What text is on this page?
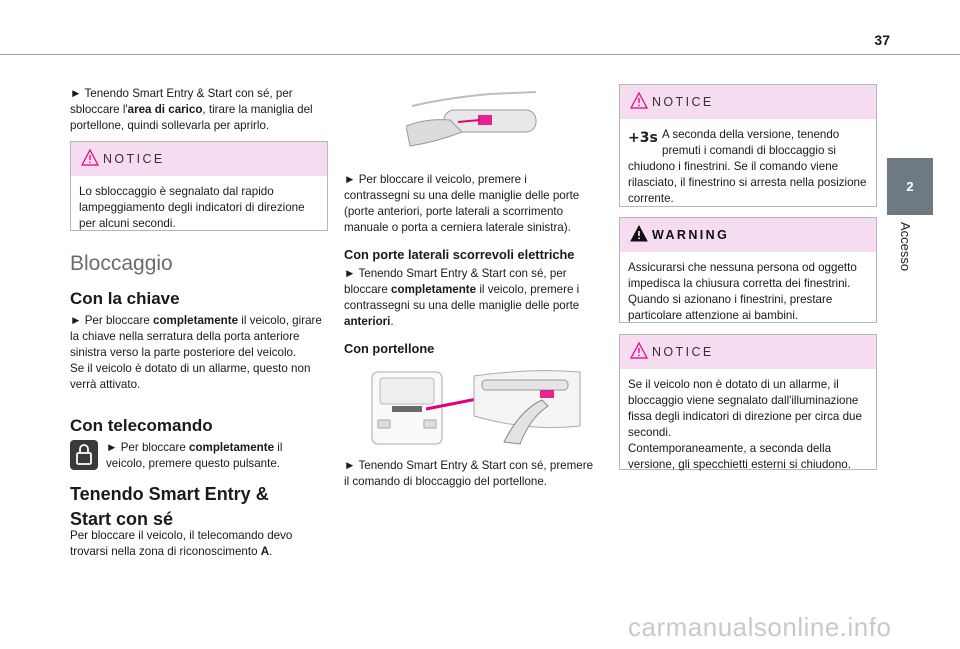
37
2
Accesso
► Tenendo Smart Entry & Start con sé, per sbloccare l'area di carico, tirare la maniglia del portellone, quindi sollevarla per aprirlo.
NOTICE
Lo sbloccaggio è segnalato dal rapido lampeggiamento degli indicatori di direzione per alcuni secondi.
Bloccaggio
Con la chiave
► Per bloccare completamente il veicolo, girare la chiave nella serratura della porta anteriore sinistra verso la parte posteriore del veicolo.
Se il veicolo è dotato di un allarme, questo non verrà attivato.
Con telecomando
► Per bloccare completamente il veicolo, premere questo pulsante.
Tenendo Smart Entry &
Start con sé
Per bloccare il veicolo, il telecomando devo trovarsi nella zona di riconoscimento A.
► Per bloccare il veicolo, premere i contrassegni su una delle maniglie delle porte (porte anteriori, porte laterali a scorrimento manuale o porta a cerniera laterale sinistra).
Con porte laterali scorrevoli elettriche
► Tenendo Smart Entry & Start con sé, per bloccare completamente il veicolo, premere i contrassegni su una delle maniglie delle porte anteriori.
Con portellone
► Tenendo Smart Entry & Start con sé, premere il comando di bloccaggio del portellone.
NOTICE
+3s A seconda della versione, tenendo premuti i comandi di bloccaggio si chiudono i finestrini. Se il comando viene rilasciato, il finestrino si arresta nella posizione corrente.
WARNING
Assicurarsi che nessuna persona od oggetto impedisca la chiusura corretta dei finestrini. Quando si azionano i finestrini, prestare particolare attenzione ai bambini.
NOTICE
Se il veicolo non è dotato di un allarme, il bloccaggio viene segnalato dall'illuminazione fissa degli indicatori di direzione per circa due secondi.
Contemporaneamente, a seconda della versione, gli specchietti esterni si chiudono.
carmanualsonline.info
